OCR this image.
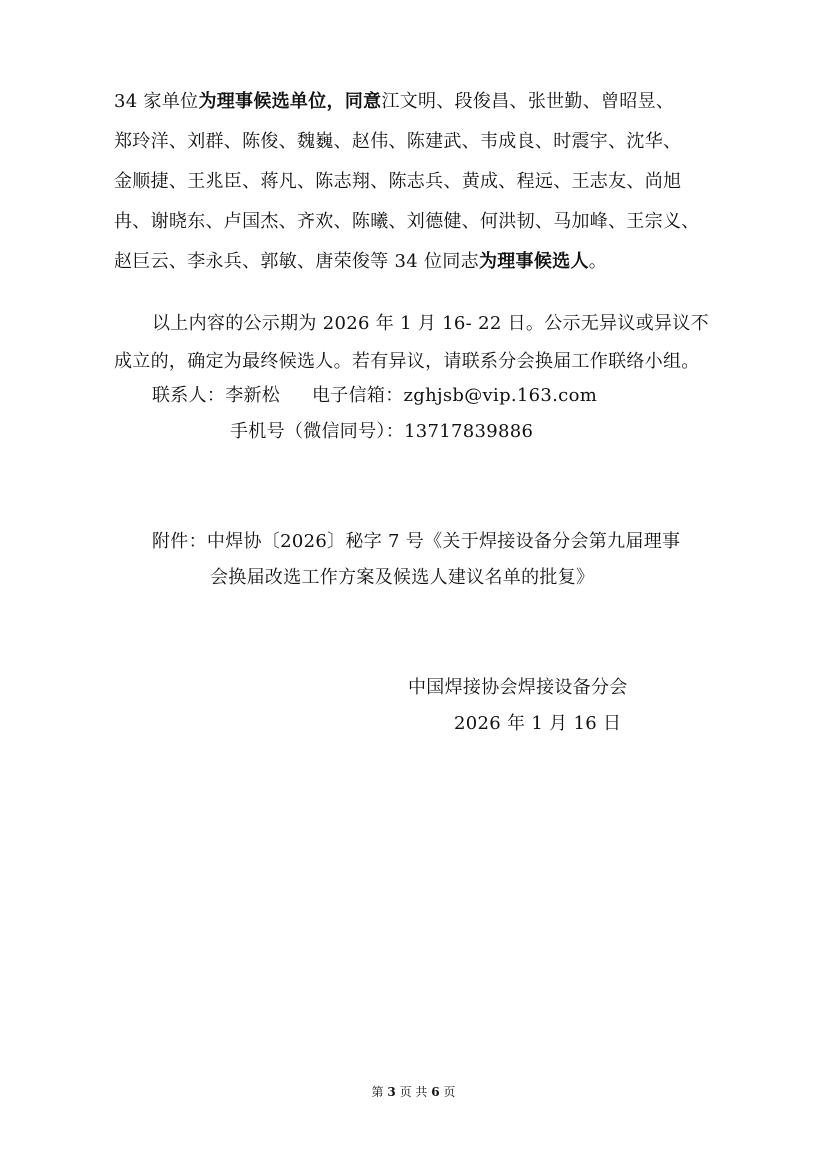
34 家单位为理事候选单位，同意江文明、段俊昌、张世勤、曾昭昱、
郑玲洋、刘群、陈俊、魏巍、赵伟、陈建武、韦成良、时震宇、沈华、
金顺捷、王兆臣、蒋凡、陈志翔、陈志兵、黄成、程远、王志友、尚旭
冉、谢晓东、卢国杰、齐欢、陈曦、刘德健、何洪韧、马加峰、王宗义、
赵巨云、李永兵、郭敏、唐荣俊等 34 位同志为理事候选人。
以上内容的公示期为 2026 年 1 月 16- 22 日。公示无异议或异议不
成立的，确定为最终候选人。若有异议，请联系分会换届工作联络小组。
联系人：李新松 电子信箱：zghjsb@vip.163.com
手机号（微信同号）：13717839886
附件：中焊协〔2026〕秘字 7 号《关于焊接设备分会第九届理事
会换届改选工作方案及候选人建议名单的批复》
中国焊接协会焊接设备分会
2026 年 1 月 16 日
第 3 页 共 6 页
